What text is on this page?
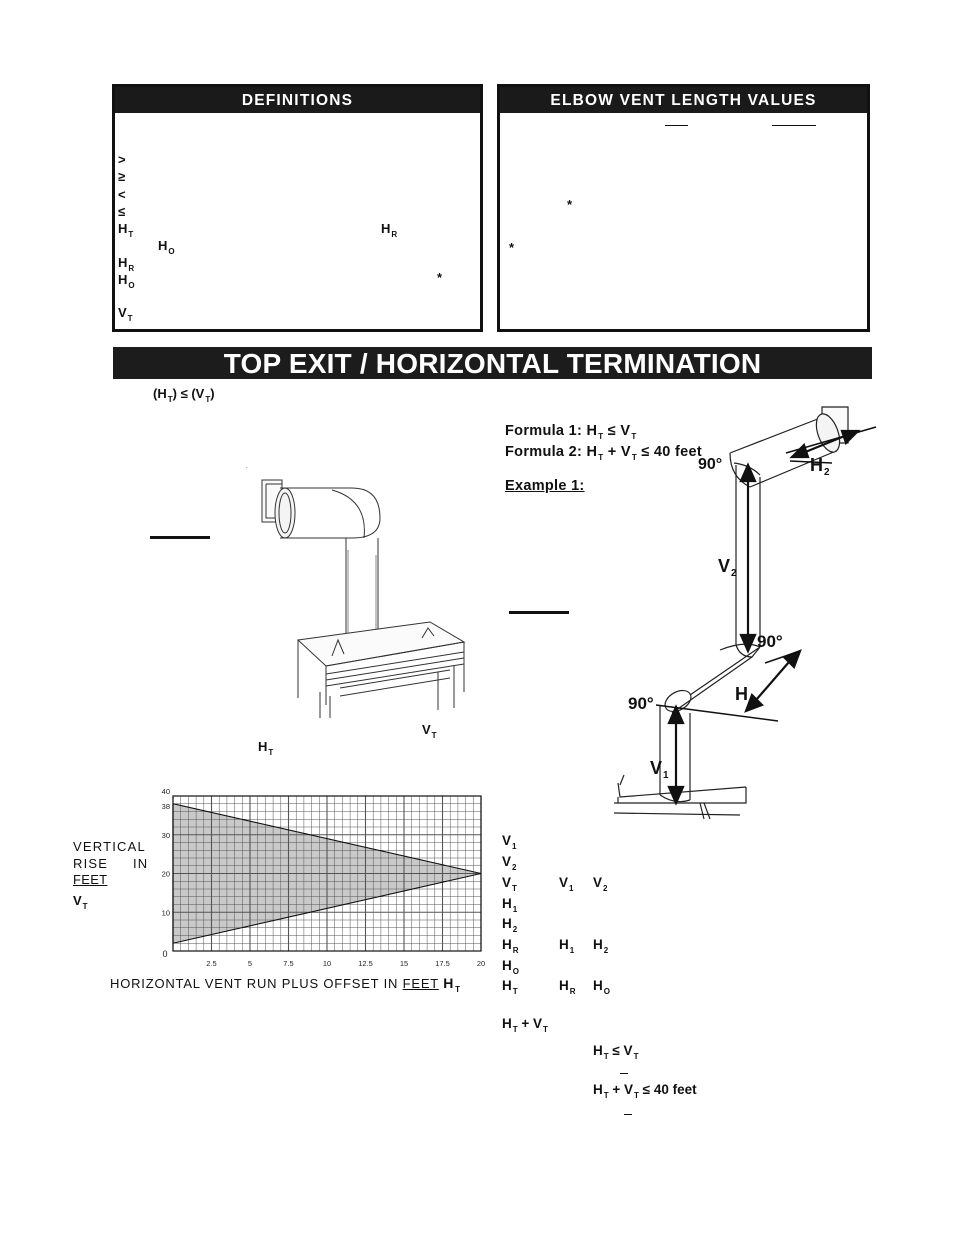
DEFINITIONS
>
≥
<
≤
$H_T$	$H_R$
$H_O$
$H_R$
$H_O$
*
$V_T$
ELBOW VENT LENGTH VALUES
*
*
TOP EXIT / HORIZONTAL TERMINATION
$(H_T) \le (V_T)$
Formula 1: $H_T \le V_T$
Formula 2: $H_T + V_T \le 40$ feet
Example 1:
.
$V_T$
$H_T$
90°
90°
90°
$H_2$
$V_2$
$H_1$
$V_1$
$V_1$
$V_2$
$V_T$	$V_1$ $V_2$
$H_1$
$H_2$
$H_R$	$H_1$ $H_2$
$H_O$
$H_T$	$H_R$ $H_O$
$H_T + V_T$
$H_T \le V_T$
$H_T + V_T \le 40$ feet
VERTICAL
RISE IN
FEET
$V_T$
0
2.5	5	7.5	10	12.5	15	17.5	20
10
20
30
38
40
HORIZONTAL VENT RUN PLUS OFFSET IN FEET $H_T$
